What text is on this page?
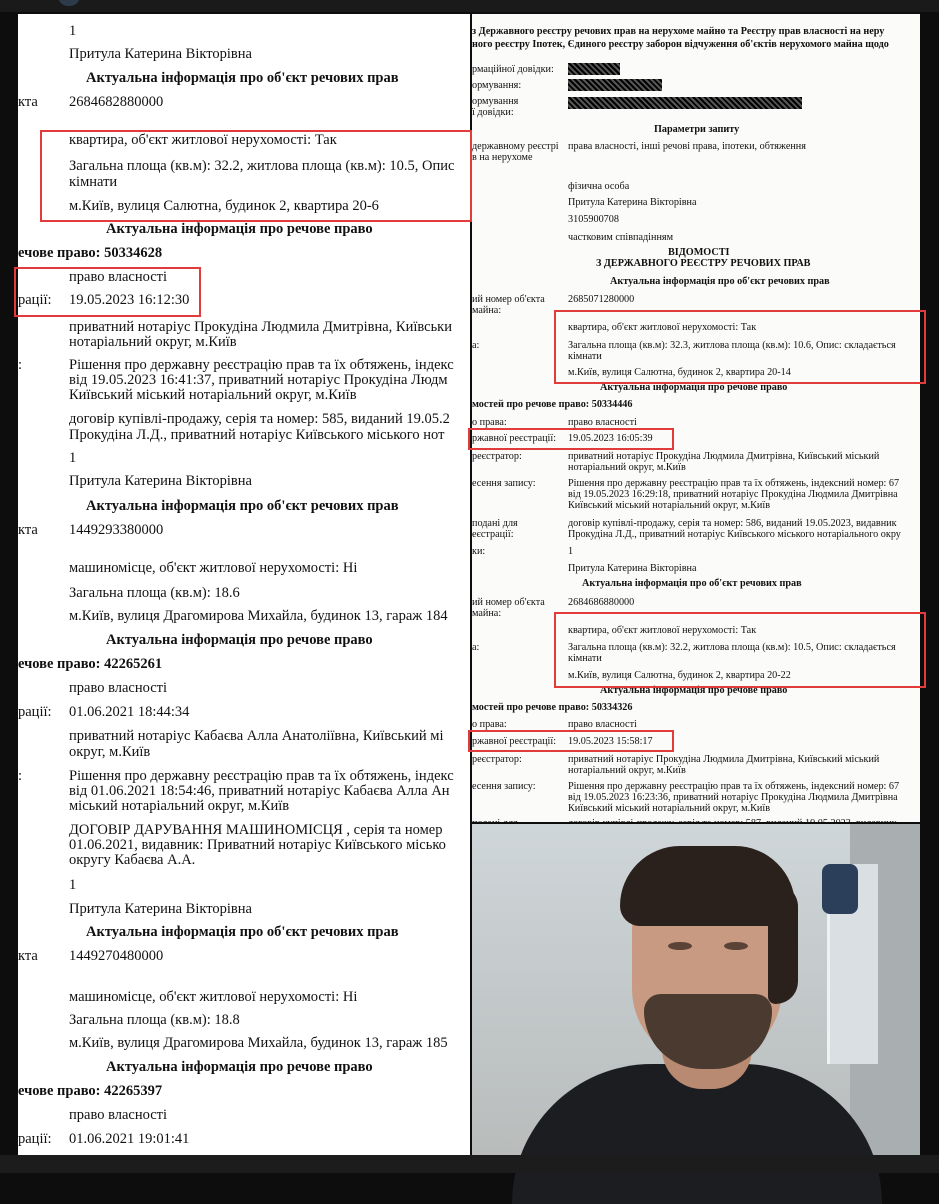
1
Притула Катерина Вікторівна
Актуальна інформація про об'єкт речових прав
кта 2684682880000
квартира, об'єкт житлової нерухомості: Так
Загальна площа (кв.м): 32.2, житлова площа (кв.м): 10.5, Опис
кімнати
м.Київ, вулиця Салютна, будинок 2, квартира 20-6
Актуальна інформація про речове право
ечове право: 50334628
право власності
рації: 19.05.2023 16:12:30
приватний нотаріус Прокудіна Людмила Дмитрівна, Київськи
нотаріальний округ, м.Київ
:	Рішення про державну реєстрацію прав та їх обтяжень, індекс
від 19.05.2023 16:41:37, приватний нотаріус Прокудіна Людм
Київський міський нотаріальний округ, м.Київ
договір купівлі-продажу, серія та номер: 585, виданий 19.05.2
Прокудіна Л.Д., приватний нотаріус Київського міського нот
1
Притула Катерина Вікторівна
Актуальна інформація про об'єкт речових прав
кта 1449293380000
машиномісце, об'єкт житлової нерухомості: Ні
Загальна площа (кв.м): 18.6
м.Київ, вулиця Драгомирова Михайла, будинок 13, гараж 184
Актуальна інформація про речове право
ечове право: 42265261
право власності
рації: 01.06.2021 18:44:34
приватний нотаріус Кабаєва Алла Анатоліївна, Київський мі
округ, м.Київ
:	Рішення про державну реєстрацію прав та їх обтяжень, індекс
від 01.06.2021 18:54:46, приватний нотаріус Кабаєва Алла Ан
міський нотаріальний округ, м.Київ
ДОГОВІР ДАРУВАННЯ МАШИНОМІСЦЯ , серія та номер
01.06.2021, видавник: Приватний нотаріус Київського місько
округу Кабаєва А.А.
1
Притула Катерина Вікторівна
Актуальна інформація про об'єкт речових прав
кта 1449270480000
машиномісце, об'єкт житлової нерухомості: Ні
Загальна площа (кв.м): 18.8
м.Київ, вулиця Драгомирова Михайла, будинок 13, гараж 185
Актуальна інформація про речове право
ечове право: 42265397
право власності
рації: 01.06.2021 19:01:41
з Державного реєстру речових прав на нерухоме майно та Реєстру прав власності на неру
ного реєстру Іпотек, Єдиного реєстру заборон відчуження об'єктів нерухомого майна щодо
рмаційної довідки:
ормування:
ормування
ї довідки:
Параметри запиту
державному реєстрі
в на нерухоме
права власності, інші речові права, іпотеки, обтяження
фізична особа
Притула Катерина Вікторівна
3105900708
частковим співпадінням
ВІДОМОСТІ
З ДЕРЖАВНОГО РЕЄСТРУ РЕЧОВИХ ПРАВ
Актуальна інформація про об'єкт речових прав
ий номер об'єкта
майна:
2685071280000
квартира, об'єкт житлової нерухомості: Так
а:	Загальна площа (кв.м): 32.3, житлова площа (кв.м): 10.6, Опис: складається
кімнати
м.Київ, вулиця Салютна, будинок 2, квартира 20-14
Актуальна інформація про речове право
мостей про речове право: 50334446
о права:	право власності
ржавної реєстрації: 19.05.2023 16:05:39
реєстратор:	приватний нотаріус Прокудіна Людмила Дмитрівна, Київський міський
нотаріальний округ, м.Київ
есення запису:	Рішення про державну реєстрацію прав та їх обтяжень, індексний номер: 67
від 19.05.2023 16:29:18, приватний нотаріус Прокудіна Людмила Дмитрівна
Київський міський нотаріальний округ, м.Київ
подані для
еєстрації:
договір купівлі-продажу, серія та номер: 586, виданий 19.05.2023, видавник
Прокудіна Л.Д., приватний нотаріус Київського міського нотаріального окру
ки:	1
Притула Катерина Вікторівна
Актуальна інформація про об'єкт речових прав
ий номер об'єкта
майна:
2684686880000
квартира, об'єкт житлової нерухомості: Так
а:	Загальна площа (кв.м): 32.2, житлова площа (кв.м): 10.5, Опис: складається
кімнати
м.Київ, вулиця Салютна, будинок 2, квартира 20-22
Актуальна інформація про речове право
мостей про речове право: 50334326
о права:	право власності
ржавної реєстрації: 19.05.2023 15:58:17
реєстратор:	приватний нотаріус Прокудіна Людмила Дмитрівна, Київський міський
нотаріальний округ, м.Київ
есення запису:	Рішення про державну реєстрацію прав та їх обтяжень, індексний номер: 67
від 19.05.2023 16:23:36, приватний нотаріус Прокудіна Людмила Дмитрівна
Київський міський нотаріальний округ, м.Київ
